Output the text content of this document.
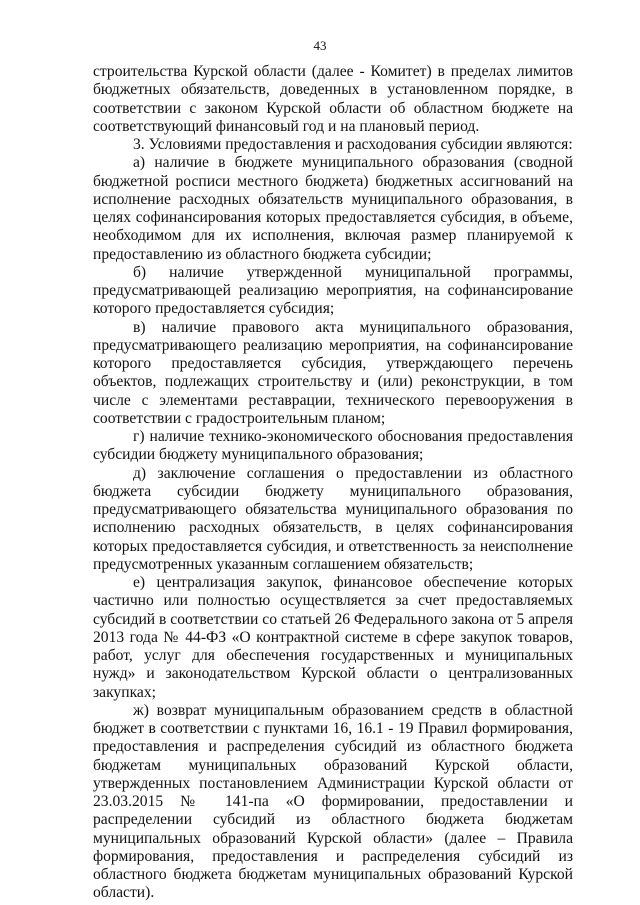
43

строительства Курской области (далее - Комитет) в пределах лимитов бюджетных обязательств, доведенных в установленном порядке, в соответствии с законом Курской области об областном бюджете на соответствующий финансовый год и на плановый период.

3. Условиями предоставления и расходования субсидии являются:

а) наличие в бюджете муниципального образования (сводной бюджетной росписи местного бюджета) бюджетных ассигнований на исполнение расходных обязательств муниципального образования, в целях софинансирования которых предоставляется субсидия, в объеме, необходимом для их исполнения, включая размер планируемой к предоставлению из областного бюджета субсидии;

б) наличие утвержденной муниципальной программы, предусматривающей реализацию мероприятия, на софинансирование которого предоставляется субсидия;

в) наличие правового акта муниципального образования, предусматривающего реализацию мероприятия, на софинансирование которого предоставляется субсидия, утверждающего перечень объектов, подлежащих строительству и (или) реконструкции, в том числе с элементами реставрации, технического перевооружения в соответствии с градостроительным планом;

г) наличие технико-экономического обоснования предоставления субсидии бюджету муниципального образования;

д) заключение соглашения о предоставлении из областного бюджета субсидии бюджету муниципального образования, предусматривающего обязательства муниципального образования по исполнению расходных обязательств, в целях софинансирования которых предоставляется субсидия, и ответственность за неисполнение предусмотренных указанным соглашением обязательств;

е) централизация закупок, финансовое обеспечение которых частично или полностью осуществляется за счет предоставляемых субсидий в соответствии со статьей 26 Федерального закона от 5 апреля 2013 года № 44-ФЗ «О контрактной системе в сфере закупок товаров, работ, услуг для обеспечения государственных и муниципальных нужд» и законодательством Курской области о централизованных закупках;

ж) возврат муниципальным образованием средств в областной бюджет в соответствии с пунктами 16, 16.1 - 19 Правил формирования, предоставления и распределения субсидий из областного бюджета бюджетам муниципальных образований Курской области, утвержденных постановлением Администрации Курской области от 23.03.2015 № 141-па «О формировании, предоставлении и распределении субсидий из областного бюджета бюджетам муниципальных образований Курской области» (далее – Правила формирования, предоставления и распределения субсидий из областного бюджета бюджетам муниципальных образований Курской области).
